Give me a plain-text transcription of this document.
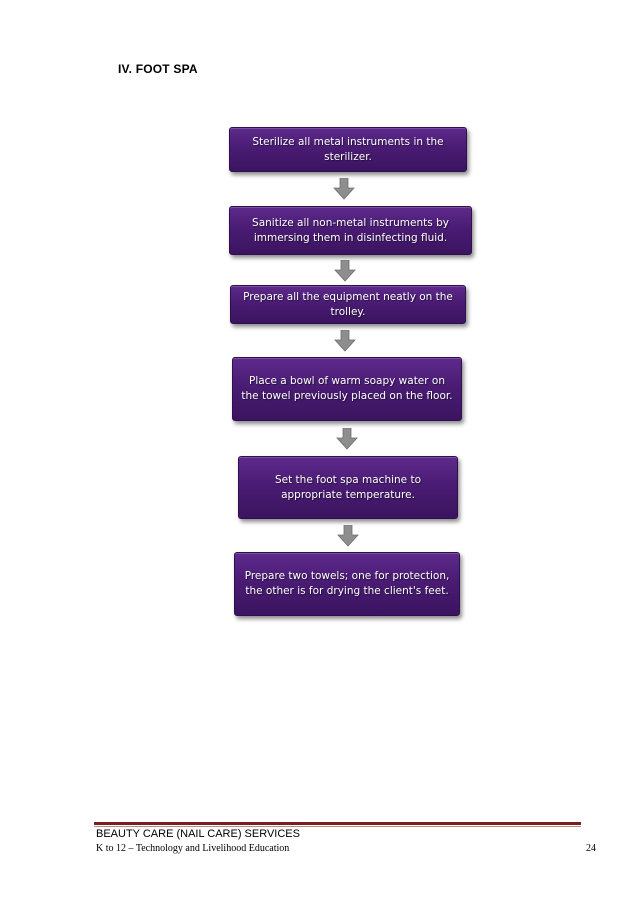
IV. FOOT SPA
Sterilize all metal instruments in the sterilizer.
Sanitize all non-metal instruments by immersing them in disinfecting fluid.
Prepare all the equipment neatly on the trolley.
Place a bowl of warm soapy water on the towel previously placed on the floor.
Set the foot spa machine to appropriate temperature.
Prepare two towels; one for protection, the other is for drying the client's feet.
BEAUTY CARE (NAIL CARE) SERVICES
K to 12 – Technology and Livelihood Education	24
